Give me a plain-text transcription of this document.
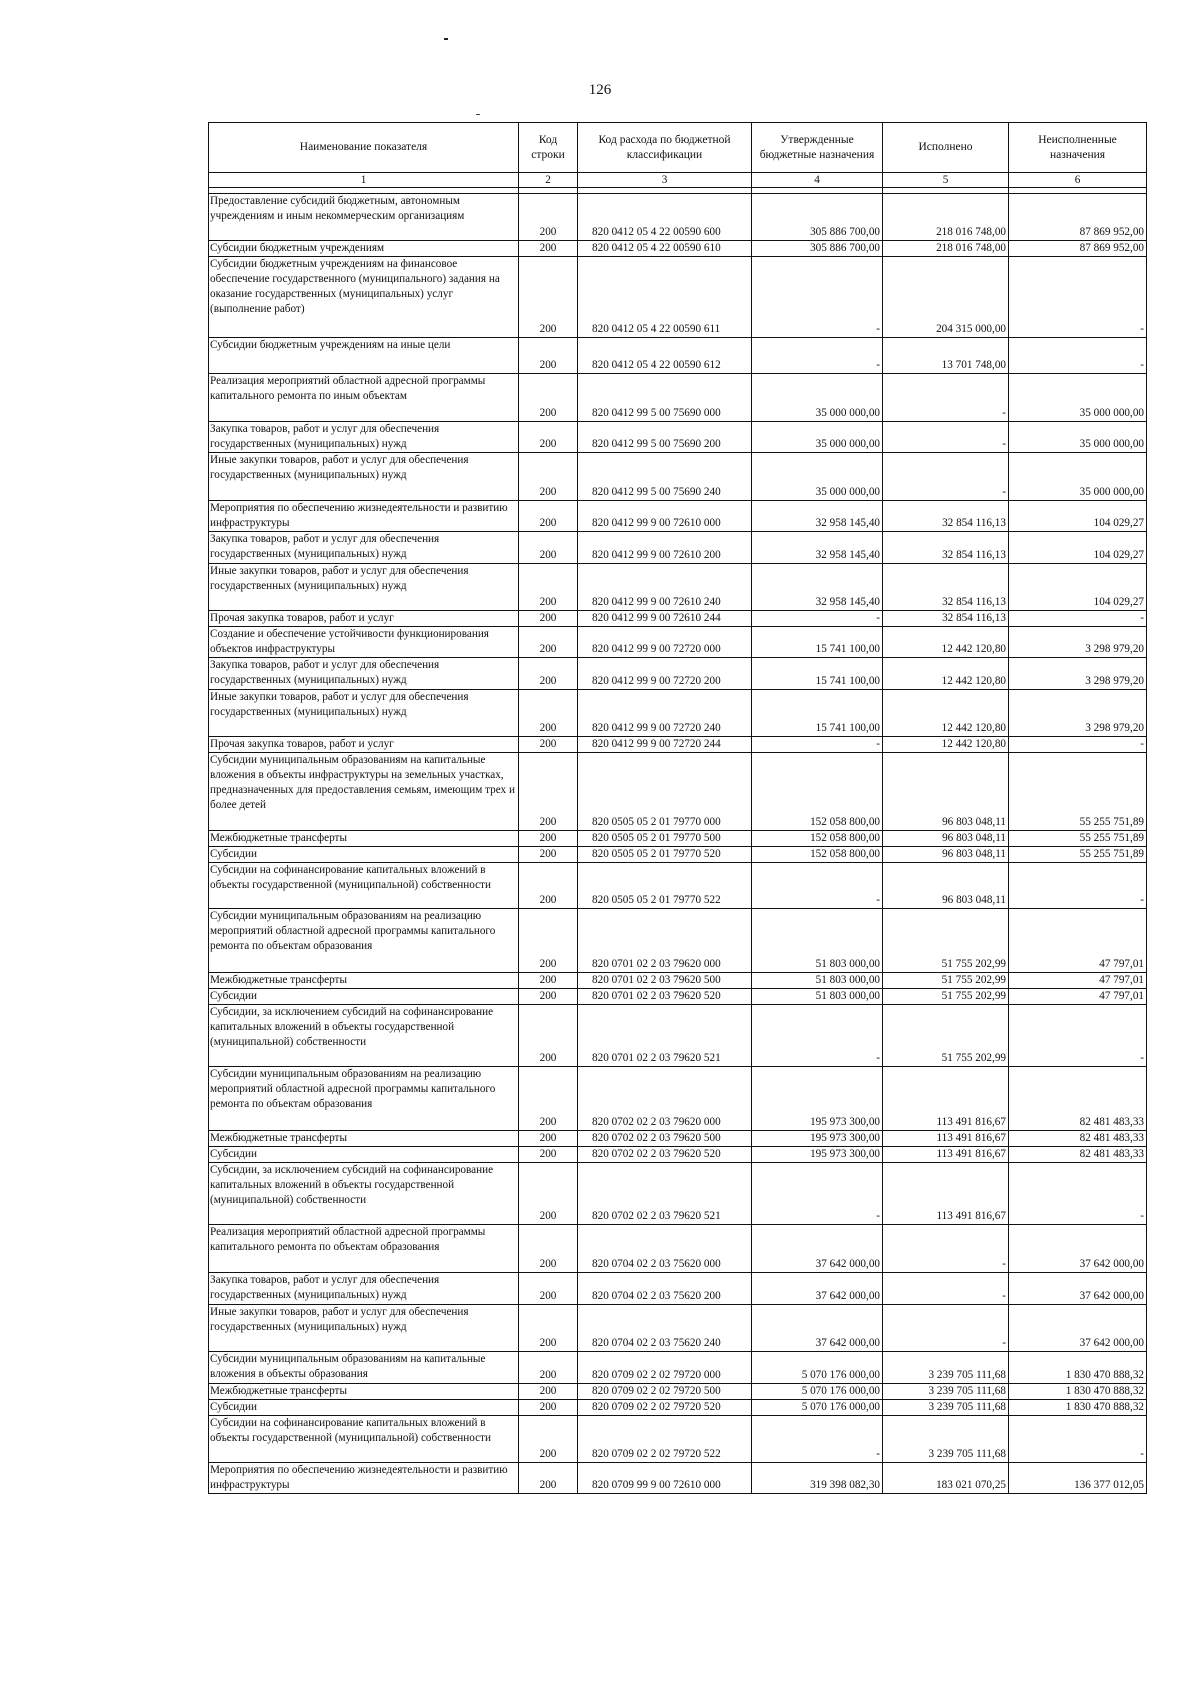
126
Наименование показателя	Код строки	Код расхода по бюджетной классификации	Утвержденные бюджетные назначения	Исполнено	Неисполненные назначения
1	2	3	4	5	6

Предоставление субсидий бюджетным, автономным учреждениям и иным некоммерческим организациям	200	820 0412 05 4 22 00590 600	305 886 700,00	218 016 748,00	87 869 952,00
Субсидии бюджетным учреждениям	200	820 0412 05 4 22 00590 610	305 886 700,00	218 016 748,00	87 869 952,00
Субсидии бюджетным учреждениям на финансовое обеспечение государственного (муниципального) задания на оказание государственных (муниципальных) услуг (выполнение работ)	200	820 0412 05 4 22 00590 611	-	204 315 000,00	-
Субсидии бюджетным учреждениям на иные цели	200	820 0412 05 4 22 00590 612	-	13 701 748,00	-
Реализация мероприятий областной адресной программы капитального ремонта по иным объектам	200	820 0412 99 5 00 75690 000	35 000 000,00	-	35 000 000,00
Закупка товаров, работ и услуг для обеспечения государственных (муниципальных) нужд	200	820 0412 99 5 00 75690 200	35 000 000,00	-	35 000 000,00
Иные закупки товаров, работ и услуг для обеспечения государственных (муниципальных) нужд	200	820 0412 99 5 00 75690 240	35 000 000,00	-	35 000 000,00
Мероприятия по обеспечению жизнедеятельности и развитию инфраструктуры	200	820 0412 99 9 00 72610 000	32 958 145,40	32 854 116,13	104 029,27
Закупка товаров, работ и услуг для обеспечения государственных (муниципальных) нужд	200	820 0412 99 9 00 72610 200	32 958 145,40	32 854 116,13	104 029,27
Иные закупки товаров, работ и услуг для обеспечения государственных (муниципальных) нужд	200	820 0412 99 9 00 72610 240	32 958 145,40	32 854 116,13	104 029,27
Прочая закупка товаров, работ и услуг	200	820 0412 99 9 00 72610 244	-	32 854 116,13	-
Создание и обеспечение устойчивости функционирования объектов инфраструктуры	200	820 0412 99 9 00 72720 000	15 741 100,00	12 442 120,80	3 298 979,20
Закупка товаров, работ и услуг для обеспечения государственных (муниципальных) нужд	200	820 0412 99 9 00 72720 200	15 741 100,00	12 442 120,80	3 298 979,20
Иные закупки товаров, работ и услуг для обеспечения государственных (муниципальных) нужд	200	820 0412 99 9 00 72720 240	15 741 100,00	12 442 120,80	3 298 979,20
Прочая закупка товаров, работ и услуг	200	820 0412 99 9 00 72720 244	-	12 442 120,80	-
Субсидии муниципальным образованиям на капитальные вложения в объекты инфраструктуры на земельных участках, предназначенных для предоставления семьям, имеющим трех и более детей	200	820 0505 05 2 01 79770 000	152 058 800,00	96 803 048,11	55 255 751,89
Межбюджетные трансферты	200	820 0505 05 2 01 79770 500	152 058 800,00	96 803 048,11	55 255 751,89
Субсидии	200	820 0505 05 2 01 79770 520	152 058 800,00	96 803 048,11	55 255 751,89
Субсидии на софинансирование капитальных вложений в объекты государственной (муниципальной) собственности	200	820 0505 05 2 01 79770 522	-	96 803 048,11	-
Субсидии муниципальным образованиям на реализацию мероприятий областной адресной программы капитального ремонта по объектам образования	200	820 0701 02 2 03 79620 000	51 803 000,00	51 755 202,99	47 797,01
Межбюджетные трансферты	200	820 0701 02 2 03 79620 500	51 803 000,00	51 755 202,99	47 797,01
Субсидии	200	820 0701 02 2 03 79620 520	51 803 000,00	51 755 202,99	47 797,01
Субсидии, за исключением субсидий на софинансирование капитальных вложений в объекты государственной (муниципальной) собственности	200	820 0701 02 2 03 79620 521	-	51 755 202,99	-
Субсидии муниципальным образованиям на реализацию мероприятий областной адресной программы капитального ремонта по объектам образования	200	820 0702 02 2 03 79620 000	195 973 300,00	113 491 816,67	82 481 483,33
Межбюджетные трансферты	200	820 0702 02 2 03 79620 500	195 973 300,00	113 491 816,67	82 481 483,33
Субсидии	200	820 0702 02 2 03 79620 520	195 973 300,00	113 491 816,67	82 481 483,33
Субсидии, за исключением субсидий на софинансирование капитальных вложений в объекты государственной (муниципальной) собственности	200	820 0702 02 2 03 79620 521	-	113 491 816,67	-
Реализация мероприятий областной адресной программы капитального ремонта по объектам образования	200	820 0704 02 2 03 75620 000	37 642 000,00	-	37 642 000,00
Закупка товаров, работ и услуг для обеспечения государственных (муниципальных) нужд	200	820 0704 02 2 03 75620 200	37 642 000,00	-	37 642 000,00
Иные закупки товаров, работ и услуг для обеспечения государственных (муниципальных) нужд	200	820 0704 02 2 03 75620 240	37 642 000,00	-	37 642 000,00
Субсидии муниципальным образованиям на капитальные вложения в объекты образования	200	820 0709 02 2 02 79720 000	5 070 176 000,00	3 239 705 111,68	1 830 470 888,32
Межбюджетные трансферты	200	820 0709 02 2 02 79720 500	5 070 176 000,00	3 239 705 111,68	1 830 470 888,32
Субсидии	200	820 0709 02 2 02 79720 520	5 070 176 000,00	3 239 705 111,68	1 830 470 888,32
Субсидии на софинансирование капитальных вложений в объекты государственной (муниципальной) собственности	200	820 0709 02 2 02 79720 522	-	3 239 705 111,68	-
Мероприятия по обеспечению жизнедеятельности и развитию инфраструктуры	200	820 0709 99 9 00 72610 000	319 398 082,30	183 021 070,25	136 377 012,05
